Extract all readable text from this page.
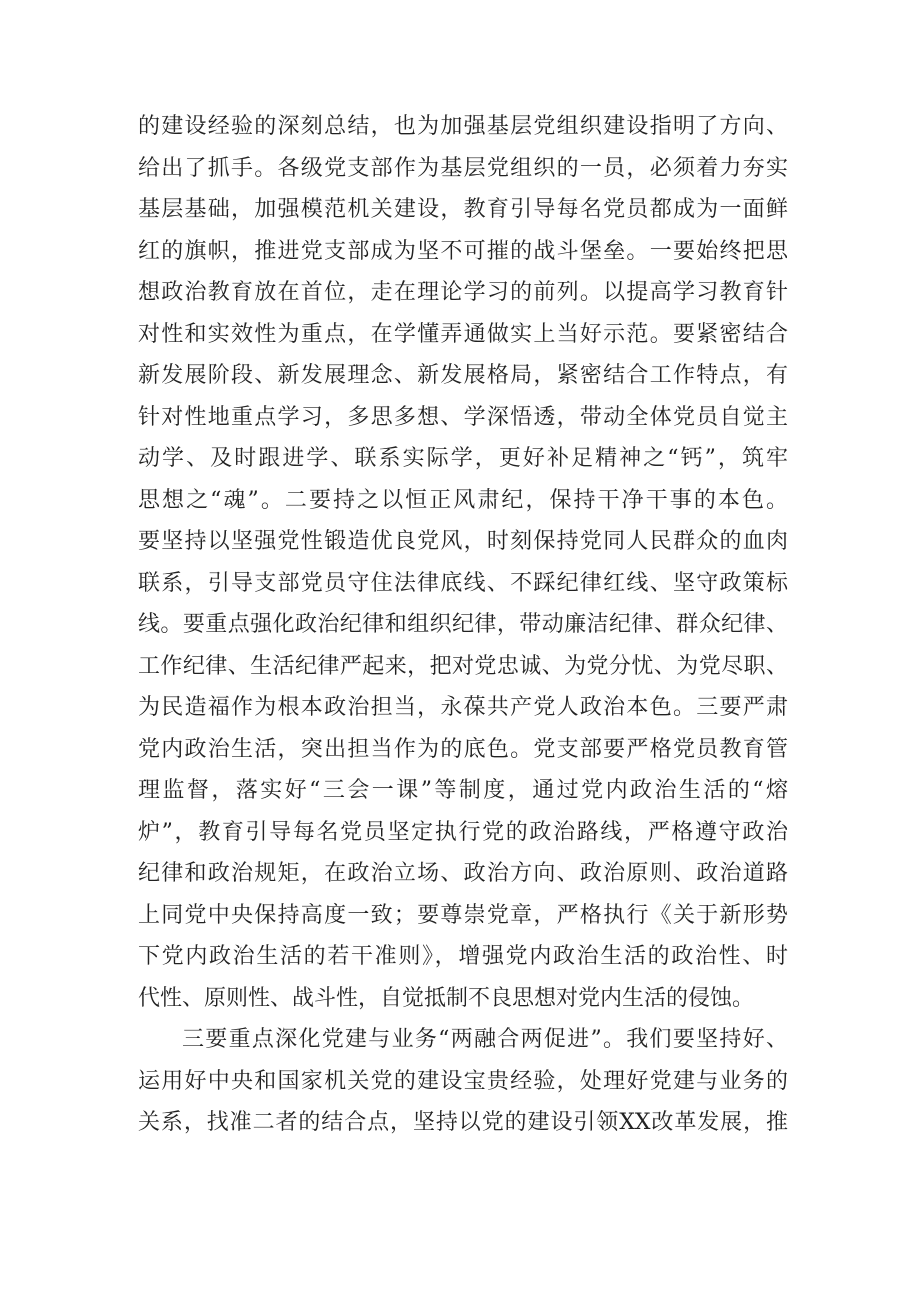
的建设经验的深刻总结，也为加强基层党组织建设指明了方向、
给出了抓手。各级党支部作为基层党组织的一员，必须着力夯实
基层基础，加强模范机关建设，教育引导每名党员都成为一面鲜
红的旗帜，推进党支部成为坚不可摧的战斗堡垒。一要始终把思
想政治教育放在首位，走在理论学习的前列。以提高学习教育针
对性和实效性为重点，在学懂弄通做实上当好示范。要紧密结合
新发展阶段、新发展理念、新发展格局，紧密结合工作特点，有
针对性地重点学习，多思多想、学深悟透，带动全体党员自觉主
动学、及时跟进学、联系实际学，更好补足精神之“钙”，筑牢
思想之“魂”。二要持之以恒正风肃纪，保持干净干事的本色。
要坚持以坚强党性锻造优良党风，时刻保持党同人民群众的血肉
联系，引导支部党员守住法律底线、不踩纪律红线、坚守政策标
线。要重点强化政治纪律和组织纪律，带动廉洁纪律、群众纪律、
工作纪律、生活纪律严起来，把对党忠诚、为党分忧、为党尽职、
为民造福作为根本政治担当，永葆共产党人政治本色。三要严肃
党内政治生活，突出担当作为的底色。党支部要严格党员教育管
理监督，落实好“三会一课”等制度，通过党内政治生活的“熔
炉”，教育引导每名党员坚定执行党的政治路线，严格遵守政治
纪律和政治规矩，在政治立场、政治方向、政治原则、政治道路
上同党中央保持高度一致；要尊崇党章，严格执行《关于新形势
下党内政治生活的若干准则》，增强党内政治生活的政治性、时
代性、原则性、战斗性，自觉抵制不良思想对党内生活的侵蚀。
三要重点深化党建与业务“两融合两促进”。我们要坚持好、
运用好中央和国家机关党的建设宝贵经验，处理好党建与业务的
关系，找准二者的结合点，坚持以党的建设引领XX改革发展，推
